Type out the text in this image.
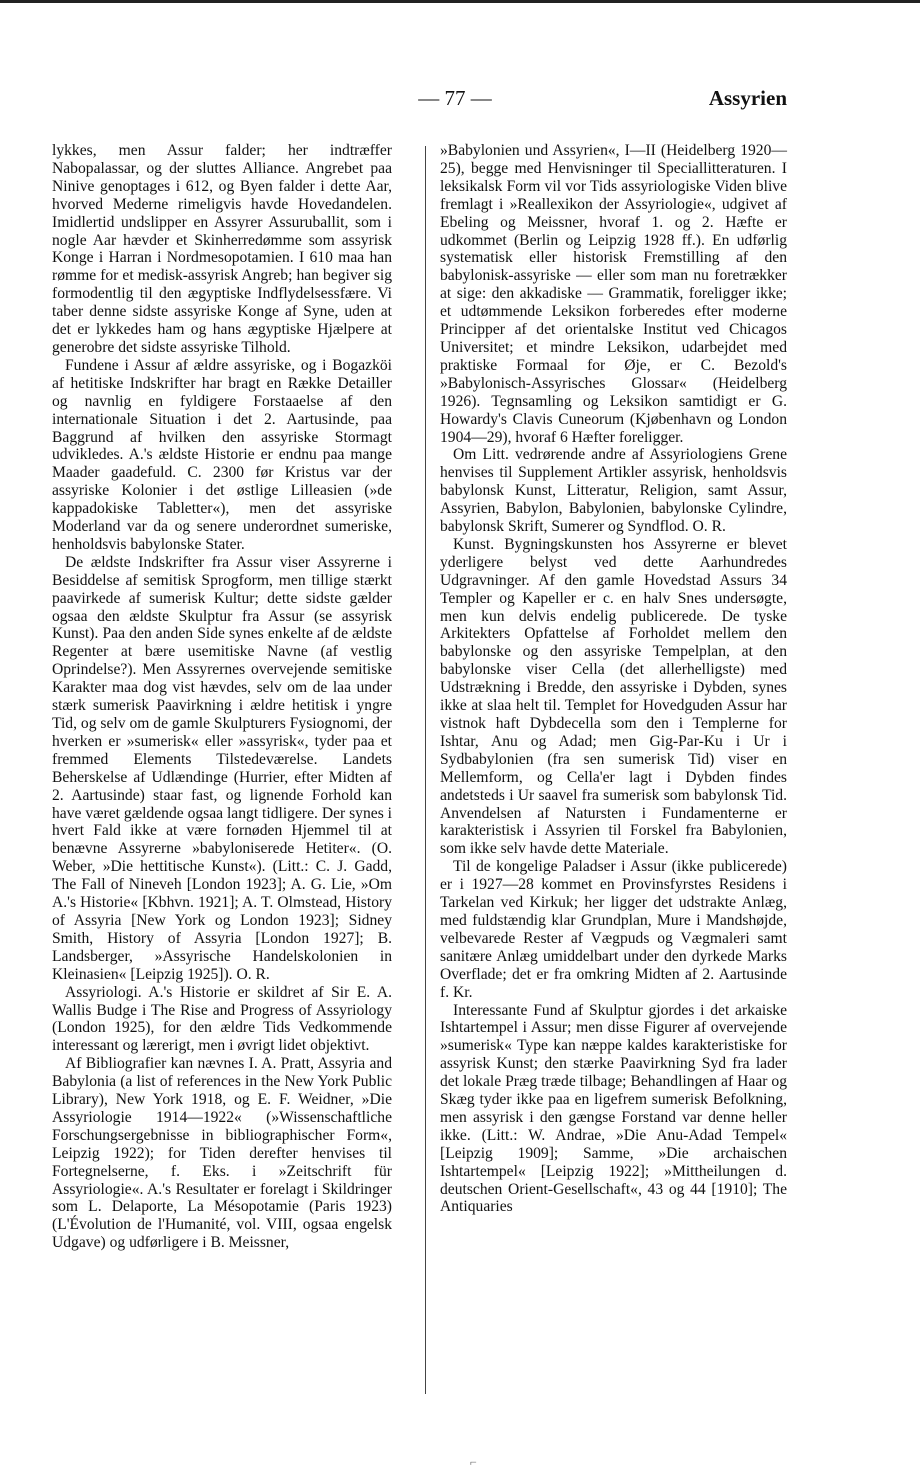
— 77 —	Assyrien

lykkes, men Assur falder; her indtræffer Nabopalassar, og der sluttes Alliance. Angrebet paa Ninive genoptages i 612, og Byen falder i dette Aar, hvorved Mederne rimeligvis havde Hovedandelen. Imidlertid undslipper en Assyrer Assuruballit, som i nogle Aar hævder et Skinherredømme som assyrisk Konge i Harran i Nordmesopotamien. I 610 maa han rømme for et medisk-assyrisk Angreb; han begiver sig formodentlig til den ægyptiske Indflydelsessfære. Vi taber denne sidste assyriske Konge af Syne, uden at det er lykkedes ham og hans ægyptiske Hjælpere at generobre det sidste assyriske Tilhold.

Fundene i Assur af ældre assyriske, og i Bogazköi af hetitiske Indskrifter har bragt en Række Detailler og navnlig en fyldigere Forstaaelse af den internationale Situation i det 2. Aartusinde, paa Baggrund af hvilken den assyriske Stormagt udvikledes. A.'s ældste Historie er endnu paa mange Maader gaadefuld. C. 2300 før Kristus var der assyriske Kolonier i det østlige Lilleasien (»de kappadokiske Tabletter«), men det assyriske Moderland var da og senere underordnet sumeriske, henholdsvis babylonske Stater.

De ældste Indskrifter fra Assur viser Assyrerne i Besiddelse af semitisk Sprogform, men tillige stærkt paavirkede af sumerisk Kultur; dette sidste gælder ogsaa den ældste Skulptur fra Assur (se assyrisk Kunst). Paa den anden Side synes enkelte af de ældste Regenter at bære usemitiske Navne (af vestlig Oprindelse?). Men Assyrernes overvejende semitiske Karakter maa dog vist hævdes, selv om de laa under stærk sumerisk Paavirkning i ældre hetitisk i yngre Tid, og selv om de gamle Skulpturers Fysiognomi, der hverken er »sumerisk« eller »assyrisk«, tyder paa et fremmed Elements Tilstedeværelse. Landets Beherskelse af Udlændinge (Hurrier, efter Midten af 2. Aartusinde) staar fast, og lignende Forhold kan have været gældende ogsaa langt tidligere. Der synes i hvert Fald ikke at være fornøden Hjemmel til at benævne Assyrerne »babyloniserede Hetiter«. (O. Weber, »Die hettitische Kunst«). (Litt.: C. J. Gadd, The Fall of Nineveh [London 1923]; A. G. Lie, »Om A.'s Historie« [Kbhvn. 1921]; A. T. Olmstead, History of Assyria [New York og London 1923]; Sidney Smith, History of Assyria [London 1927]; B. Landsberger, »Assyrische Handelskolonien in Kleinasien« [Leipzig 1925]). O. R.

Assyriologi. A.'s Historie er skildret af Sir E. A. Wallis Budge i The Rise and Progress of Assyriology (London 1925), for den ældre Tids Vedkommende interessant og lærerigt, men i øvrigt lidet objektivt.

Af Bibliografier kan nævnes I. A. Pratt, Assyria and Babylonia (a list of references in the New York Public Library), New York 1918, og E. F. Weidner, »Die Assyriologie 1914—1922« (»Wissenschaftliche Forschungsergebnisse in bibliographischer Form«, Leipzig 1922); for Tiden derefter henvises til Fortegnelserne, f. Eks. i »Zeitschrift für Assyriologie«. A.'s Resultater er forelagt i Skildringer som L. Delaporte, La Mésopotamie (Paris 1923) (L'Évolution de l'Humanité, vol. VIII, ogsaa engelsk Udgave) og udførligere i B. Meissner,

»Babylonien und Assyrien«, I—II (Heidelberg 1920—25), begge med Henvisninger til Speciallitteraturen. I leksikalsk Form vil vor Tids assyriologiske Viden blive fremlagt i »Reallexikon der Assyriologie«, udgivet af Ebeling og Meissner, hvoraf 1. og 2. Hæfte er udkommet (Berlin og Leipzig 1928 ff.). En udførlig systematisk eller historisk Fremstilling af den babylonisk-assyriske — eller som man nu foretrækker at sige: den akkadiske — Grammatik, foreligger ikke; et udtømmende Leksikon forberedes efter moderne Principper af det orientalske Institut ved Chicagos Universitet; et mindre Leksikon, udarbejdet med praktiske Formaal for Øje, er C. Bezold's »Babylonisch-Assyrisches Glossar« (Heidelberg 1926). Tegnsamling og Leksikon samtidigt er G. Howardy's Clavis Cuneorum (Kjøbenhavn og London 1904—29), hvoraf 6 Hæfter foreligger.

Om Litt. vedrørende andre af Assyriologiens Grene henvises til Supplement Artikler assyrisk, henholdsvis babylonsk Kunst, Litteratur, Religion, samt Assur, Assyrien, Babylon, Babylonien, babylonske Cylindre, babylonsk Skrift, Sumerer og Syndflod. O. R.

Kunst. Bygningskunsten hos Assyrerne er blevet yderligere belyst ved dette Aarhundredes Udgravninger. Af den gamle Hovedstad Assurs 34 Templer og Kapeller er c. en halv Snes undersøgte, men kun delvis endelig publicerede. De tyske Arkitekters Opfattelse af Forholdet mellem den babylonske og den assyriske Tempelplan, at den babylonske viser Cella (det allerhelligste) med Udstrækning i Bredde, den assyriske i Dybden, synes ikke at slaa helt til. Templet for Hovedguden Assur har vistnok haft Dybdecella som den i Templerne for Ishtar, Anu og Adad; men Gig-Par-Ku i Ur i Sydbabylonien (fra sen sumerisk Tid) viser en Mellemform, og Cella'er lagt i Dybden findes andetsteds i Ur saavel fra sumerisk som babylonsk Tid. Anvendelsen af Natursten i Fundamenterne er karakteristisk i Assyrien til Forskel fra Babylonien, som ikke selv havde dette Materiale.

Til de kongelige Paladser i Assur (ikke publicerede) er i 1927—28 kommet en Provinsfyrstes Residens i Tarkelan ved Kirkuk; her ligger det udstrakte Anlæg, med fuldstændig klar Grundplan, Mure i Mandshøjde, velbevarede Rester af Vægpuds og Vægmaleri samt sanitære Anlæg umiddelbart under den dyrkede Marks Overflade; det er fra omkring Midten af 2. Aartusinde f. Kr.

Interessante Fund af Skulptur gjordes i det arkaiske Ishtartempel i Assur; men disse Figurer af overvejende »sumerisk« Type kan næppe kaldes karakteristiske for assyrisk Kunst; den stærke Paavirkning Syd fra lader det lokale Præg træde tilbage; Behandlingen af Haar og Skæg tyder ikke paa en ligefrem sumerisk Befolkning, men assyrisk i den gængse Forstand var denne heller ikke. (Litt.: W. Andrae, »Die Anu-Adad Tempel« [Leipzig 1909]; Samme, »Die archaischen Ishtartempel« [Leipzig 1922]; »Mittheilungen d. deutschen Orient-Gesellschaft«, 43 og 44 [1910]; The Antiquaries

⌐
